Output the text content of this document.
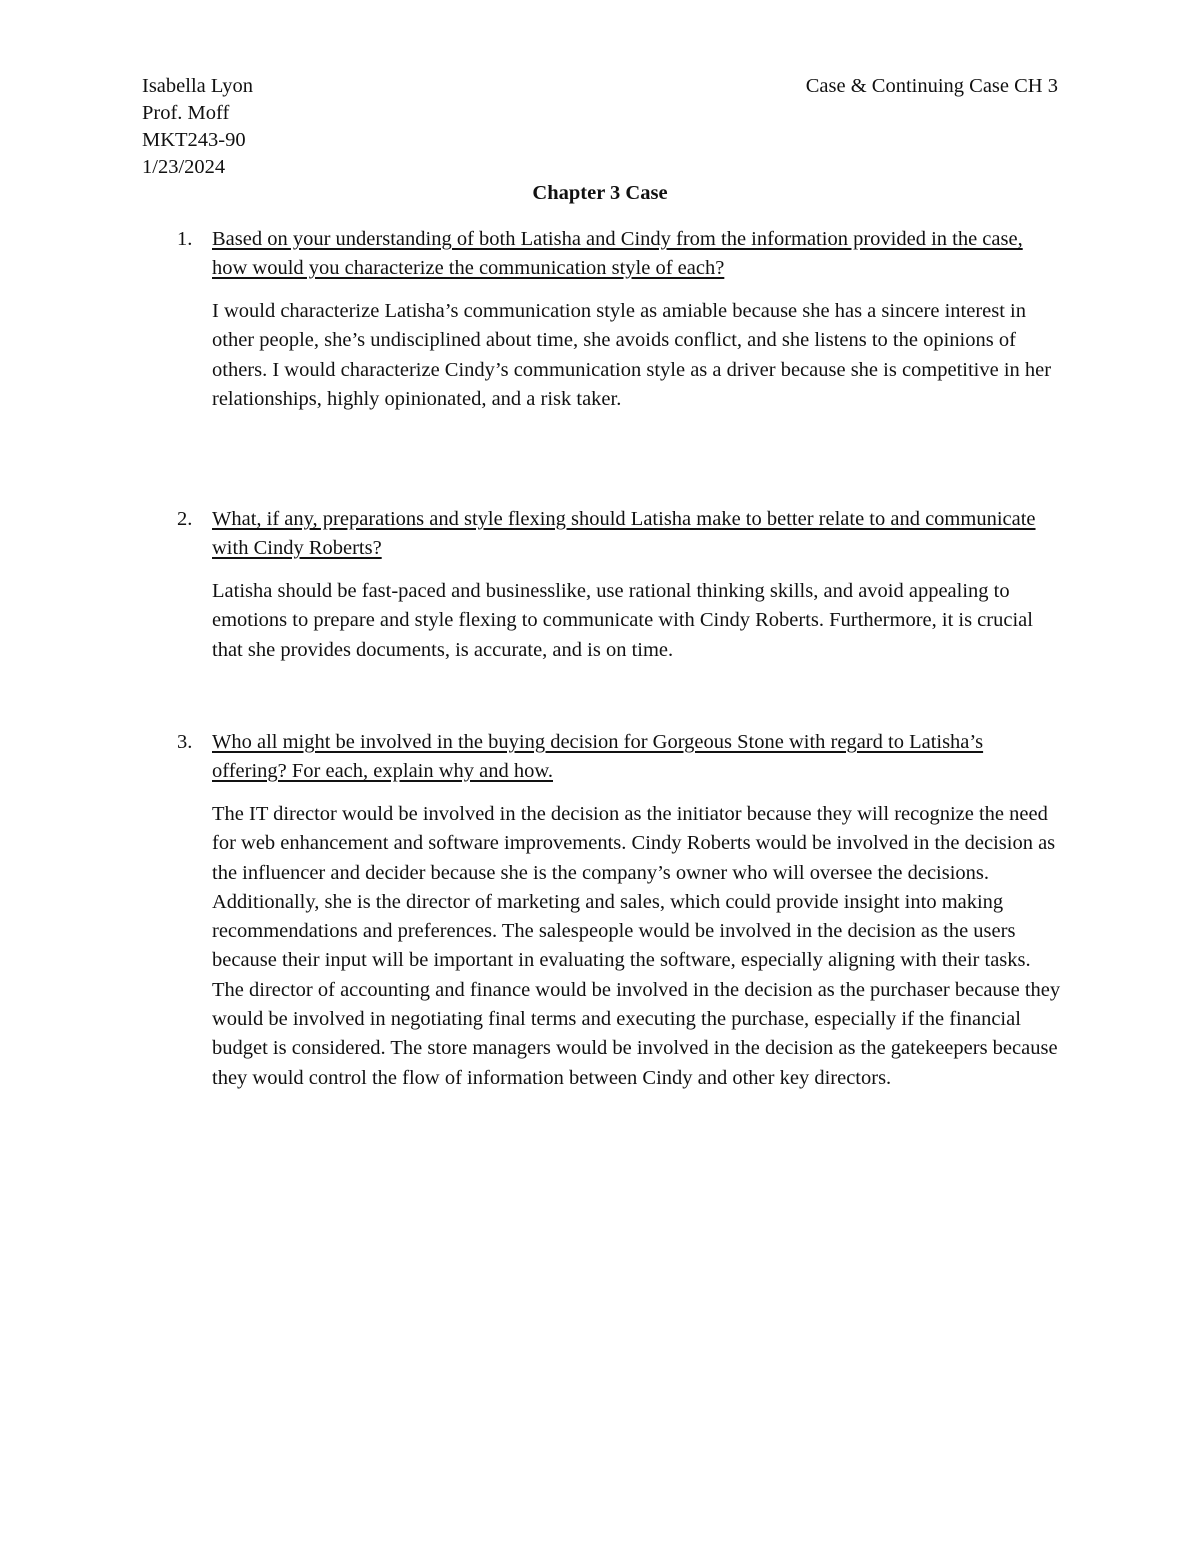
Isabella Lyon
Prof. Moff
MKT243-90
1/23/2024
Case & Continuing Case CH 3
Chapter 3 Case
1. Based on your understanding of both Latisha and Cindy from the information provided in the case, how would you characterize the communication style of each?
I would characterize Latisha’s communication style as amiable because she has a sincere interest in other people, she’s undisciplined about time, she avoids conflict, and she listens to the opinions of others. I would characterize Cindy’s communication style as a driver because she is competitive in her relationships, highly opinionated, and a risk taker.
2. What, if any, preparations and style flexing should Latisha make to better relate to and communicate with Cindy Roberts?
Latisha should be fast-paced and businesslike, use rational thinking skills, and avoid appealing to emotions to prepare and style flexing to communicate with Cindy Roberts. Furthermore, it is crucial that she provides documents, is accurate, and is on time.
3. Who all might be involved in the buying decision for Gorgeous Stone with regard to Latisha’s offering? For each, explain why and how.
The IT director would be involved in the decision as the initiator because they will recognize the need for web enhancement and software improvements. Cindy Roberts would be involved in the decision as the influencer and decider because she is the company’s owner who will oversee the decisions. Additionally, she is the director of marketing and sales, which could provide insight into making recommendations and preferences. The salespeople would be involved in the decision as the users because their input will be important in evaluating the software, especially aligning with their tasks. The director of accounting and finance would be involved in the decision as the purchaser because they would be involved in negotiating final terms and executing the purchase, especially if the financial budget is considered. The store managers would be involved in the decision as the gatekeepers because they would control the flow of information between Cindy and other key directors.
